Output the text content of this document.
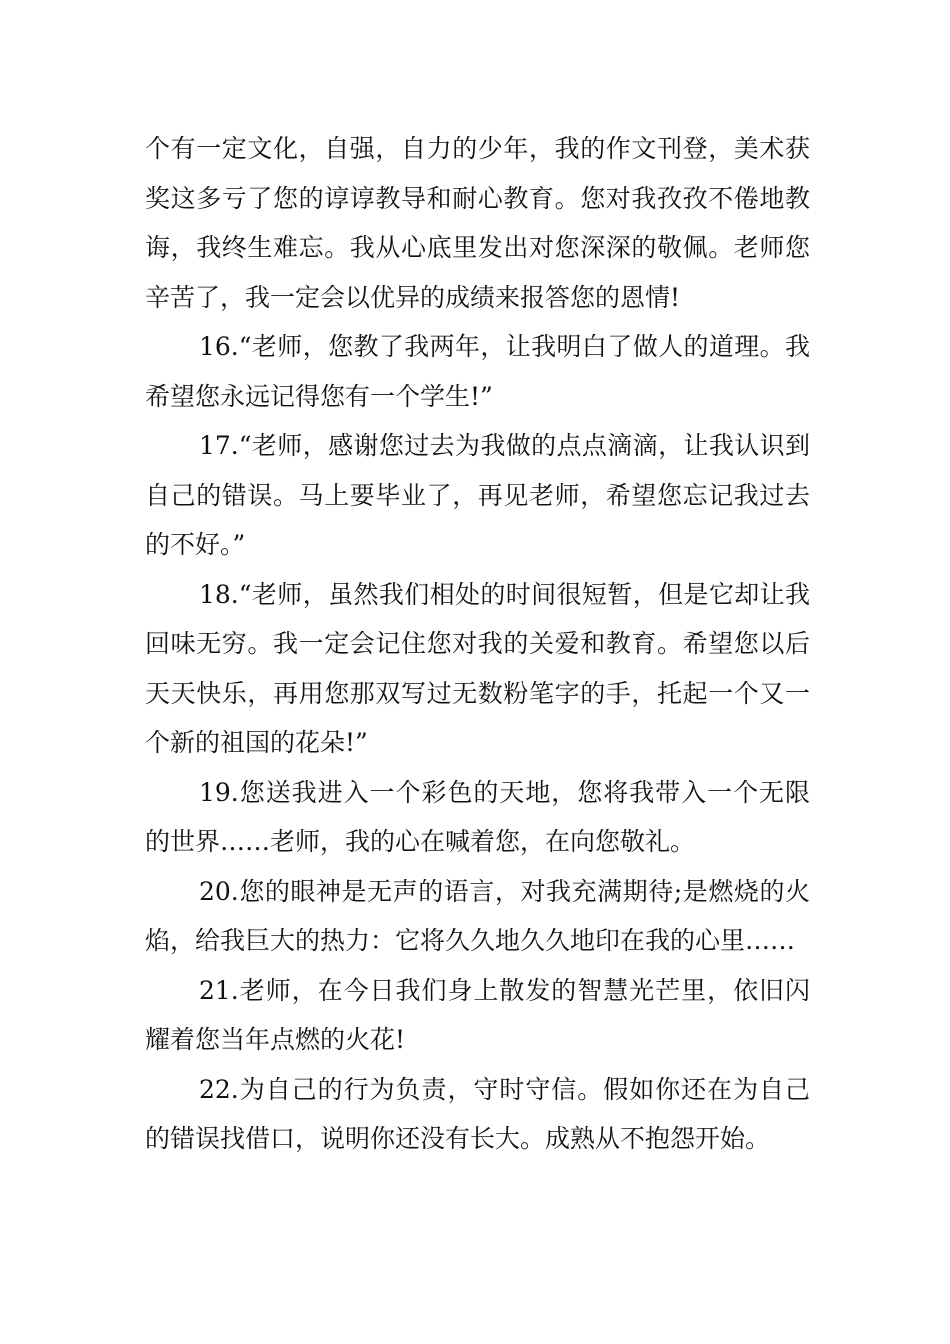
个有一定文化，自强，自力的少年，我的作文刊登，美术获奖这多亏了您的谆谆教导和耐心教育。您对我孜孜不倦地教诲，我终生难忘。我从心底里发出对您深深的敬佩。老师您辛苦了，我一定会以优异的成绩来报答您的恩情!

16.“老师，您教了我两年，让我明白了做人的道理。我希望您永远记得您有一个学生!”

17.“老师，感谢您过去为我做的点点滴滴，让我认识到自己的错误。马上要毕业了，再见老师，希望您忘记我过去的不好。”

18.“老师，虽然我们相处的时间很短暂，但是它却让我回味无穷。我一定会记住您对我的关爱和教育。希望您以后天天快乐，再用您那双写过无数粉笔字的手，托起一个又一个新的祖国的花朵!”

19.您送我进入一个彩色的天地，您将我带入一个无限的世界……老师，我的心在喊着您，在向您敬礼。

20.您的眼神是无声的语言，对我充满期待;是燃烧的火焰，给我巨大的热力：它将久久地久久地印在我的心里……

21.老师，在今日我们身上散发的智慧光芒里，依旧闪耀着您当年点燃的火花!

22.为自己的行为负责，守时守信。假如你还在为自己的错误找借口，说明你还没有长大。成熟从不抱怨开始。
